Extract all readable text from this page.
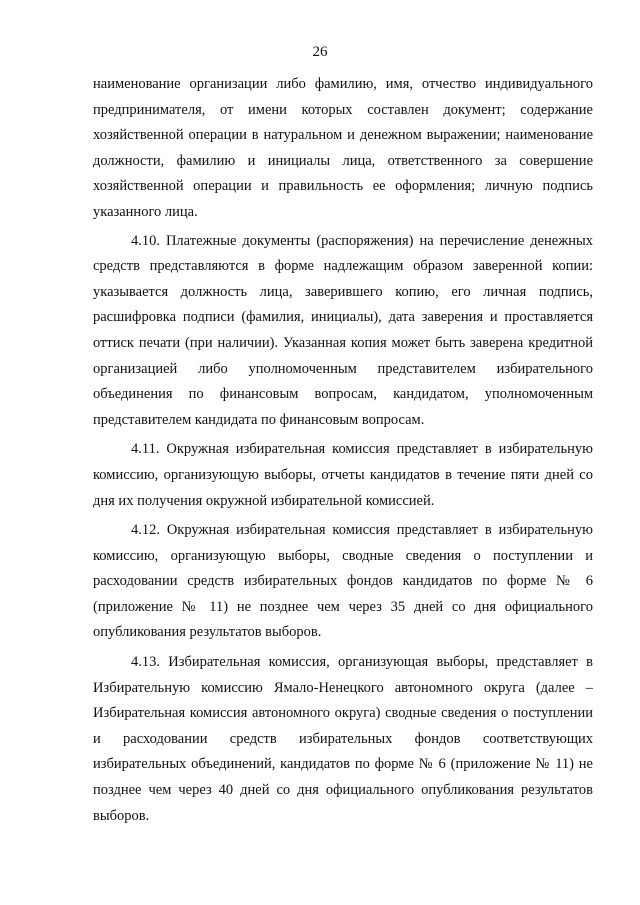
26

наименование организации либо фамилию, имя, отчество индивидуального предпринимателя, от имени которых составлен документ; содержание хозяйственной операции в натуральном и денежном выражении; наименование должности, фамилию и инициалы лица, ответственного за совершение хозяйственной операции и правильность ее оформления; личную подпись указанного лица.

4.10. Платежные документы (распоряжения) на перечисление денежных средств представляются в форме надлежащим образом заверенной копии: указывается должность лица, заверившего копию, его личная подпись, расшифровка подписи (фамилия, инициалы), дата заверения и проставляется оттиск печати (при наличии). Указанная копия может быть заверена кредитной организацией либо уполномоченным представителем избирательного объединения по финансовым вопросам, кандидатом, уполномоченным представителем кандидата по финансовым вопросам.

4.11. Окружная избирательная комиссия представляет в избирательную комиссию, организующую выборы, отчеты кандидатов в течение пяти дней со дня их получения окружной избирательной комиссией.

4.12. Окружная избирательная комиссия представляет в избирательную комиссию, организующую выборы, сводные сведения о поступлении и расходовании средств избирательных фондов кандидатов по форме № 6 (приложение № 11) не позднее чем через 35 дней со дня официального опубликования результатов выборов.

4.13. Избирательная комиссия, организующая выборы, представляет в Избирательную комиссию Ямало-Ненецкого автономного округа (далее – Избирательная комиссия автономного округа) сводные сведения о поступлении и расходовании средств избирательных фондов соответствующих избирательных объединений, кандидатов по форме № 6 (приложение № 11) не позднее чем через 40 дней со дня официального опубликования результатов выборов.
